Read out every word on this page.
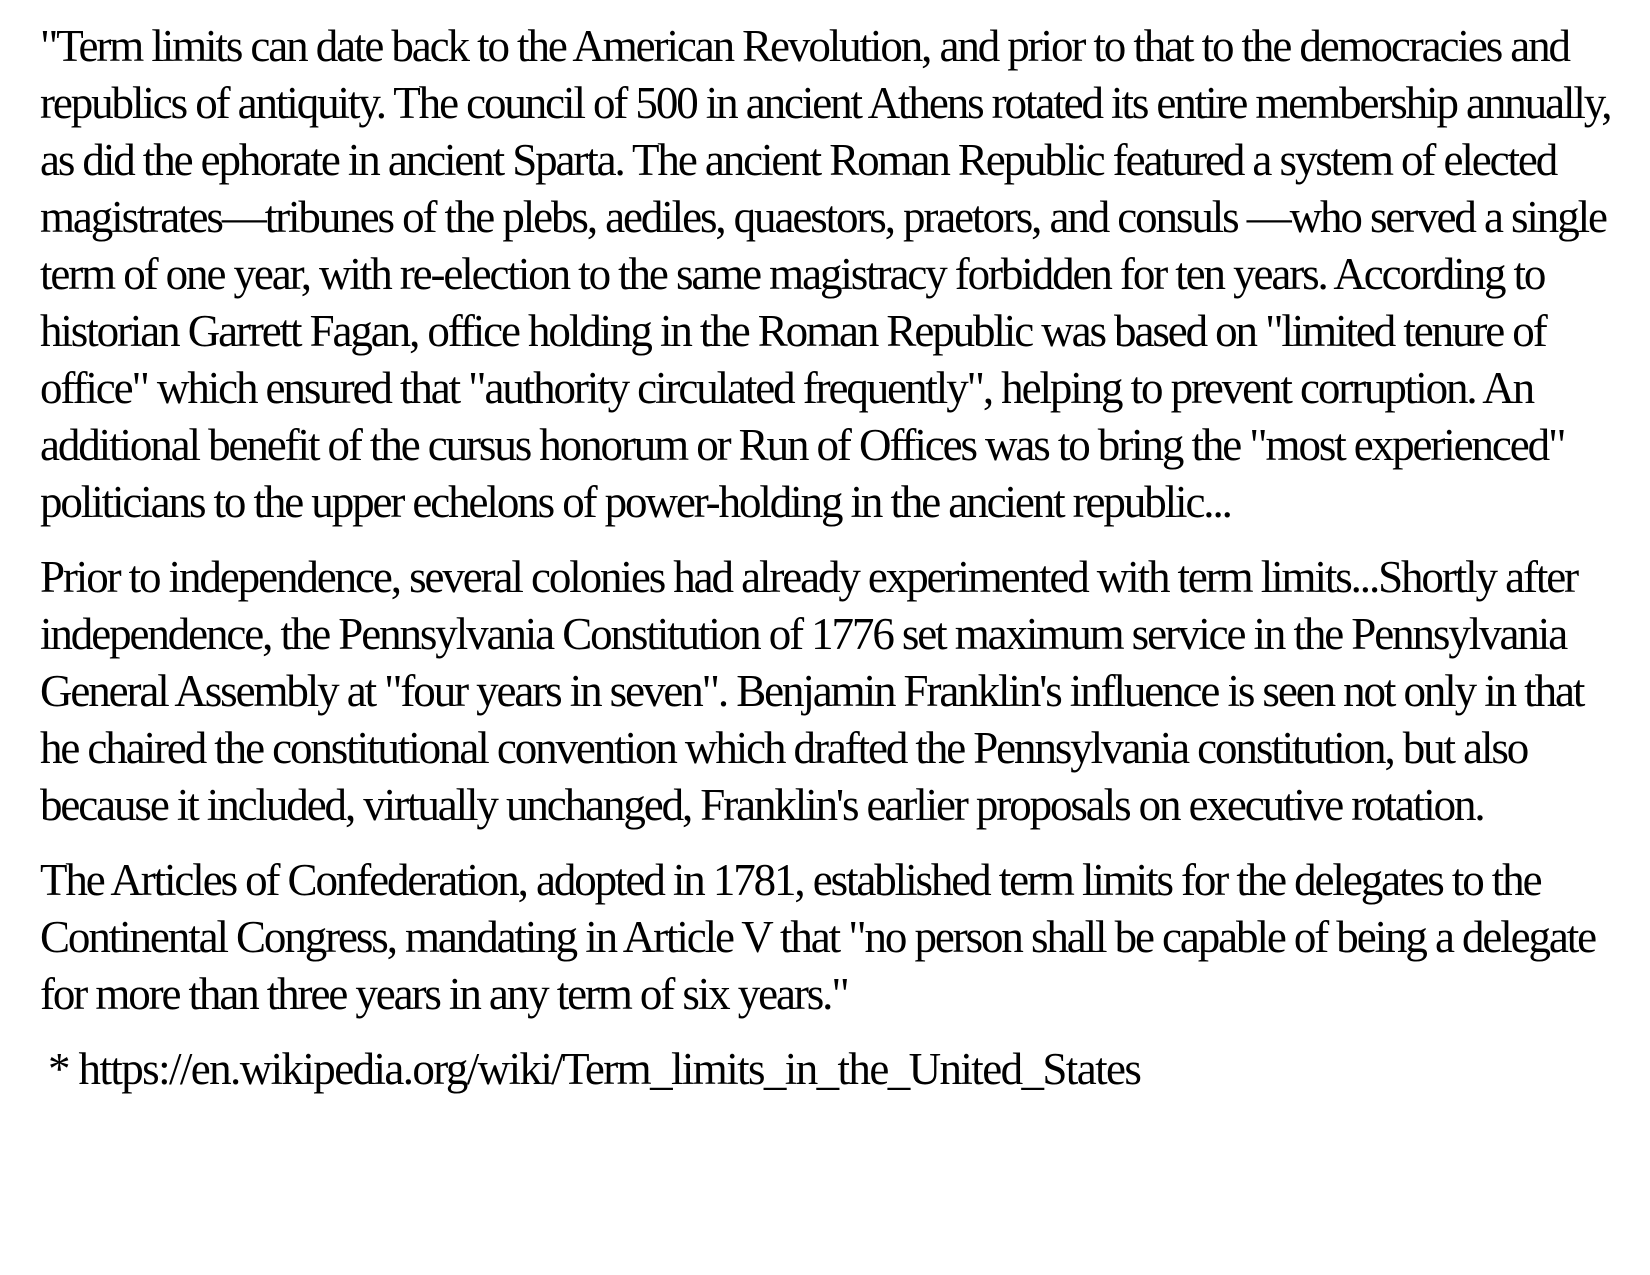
"Term limits can date back to the American Revolution, and prior to that to the democracies and republics of antiquity. The council of 500 in ancient Athens rotated its entire membership annually, as did the ephorate in ancient Sparta. The ancient Roman Republic featured a system of elected magistrates—tribunes of the plebs, aediles, quaestors, praetors, and consuls —who served a single term of one year, with re-election to the same magistracy forbidden for ten years. According to historian Garrett Fagan, office holding in the Roman Republic was based on "limited tenure of office" which ensured that "authority circulated frequently", helping to prevent corruption. An additional benefit of the cursus honorum or Run of Offices was to bring the "most experienced" politicians to the upper echelons of power-holding in the ancient republic...

Prior to independence, several colonies had already experimented with term limits...Shortly after independence, the Pennsylvania Constitution of 1776 set maximum service in the Pennsylvania General Assembly at "four years in seven". Benjamin Franklin's influence is seen not only in that he chaired the constitutional convention which drafted the Pennsylvania constitution, but also because it included, virtually unchanged, Franklin's earlier proposals on executive rotation.

The Articles of Confederation, adopted in 1781, established term limits for the delegates to the Continental Congress, mandating in Article V that "no person shall be capable of being a delegate for more than three years in any term of six years."

* https://en.wikipedia.org/wiki/Term_limits_in_the_United_States
